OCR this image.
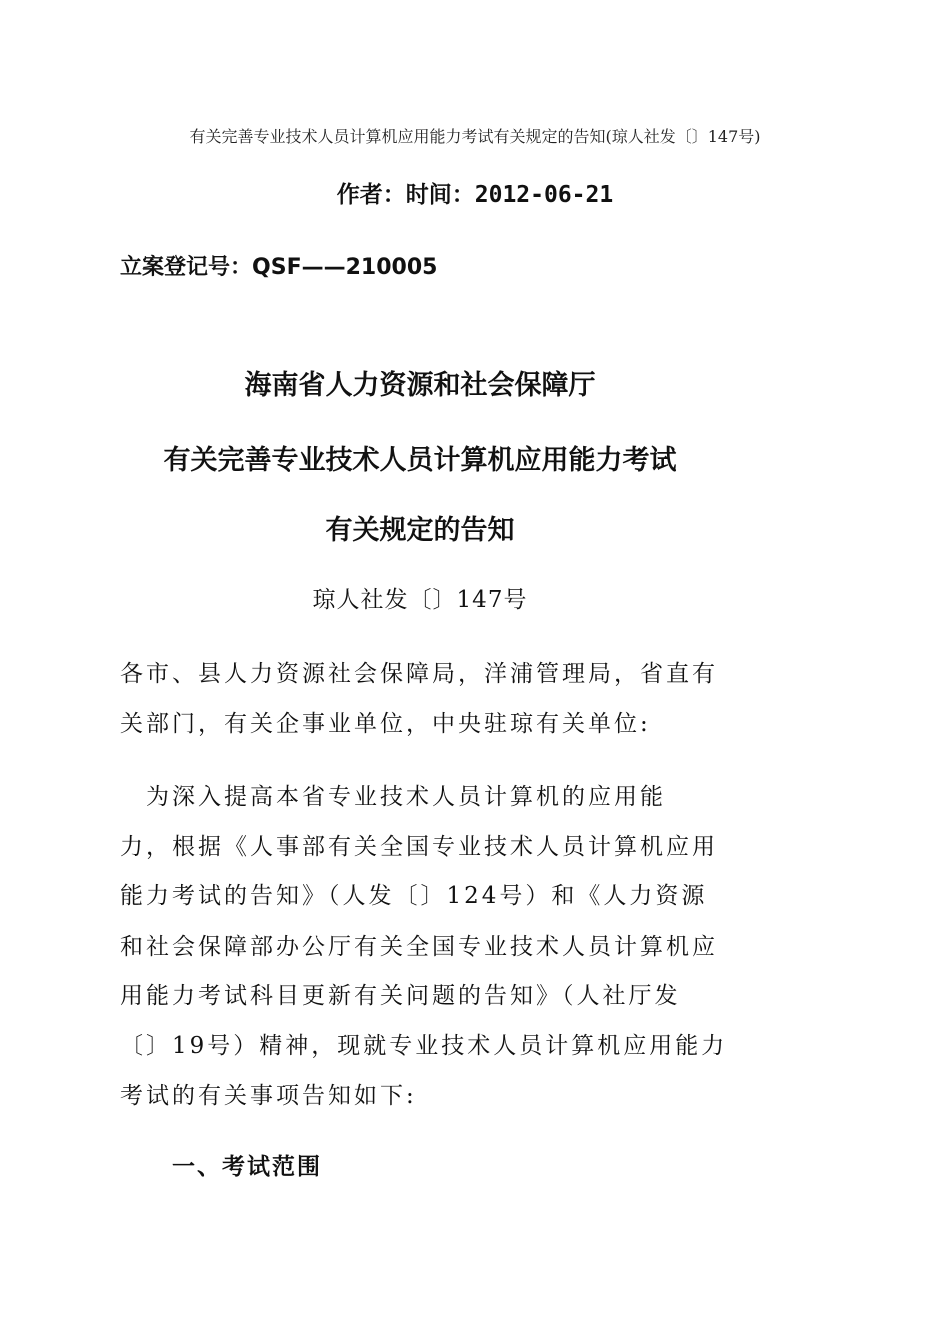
有关完善专业技术人员计算机应用能力考试有关规定的告知(琼人社发〔〕147号)
作者：时间：2012-06-21
立案登记号：QSF——210005
海南省人力资源和社会保障厅
有关完善专业技术人员计算机应用能力考试
有关规定的告知
琼人社发〔〕147号
各市、县人力资源社会保障局，洋浦管理局，省直有
关部门，有关企事业单位，中央驻琼有关单位:
　为深入提高本省专业技术人员计算机的应用能
力，根据《人事部有关全国专业技术人员计算机应用
能力考试的告知》（人发〔〕124号）和《人力资源
和社会保障部办公厅有关全国专业技术人员计算机应
用能力考试科目更新有关问题的告知》（人社厅发
〔〕19号）精神，现就专业技术人员计算机应用能力
考试的有关事项告知如下:
一、考试范围
